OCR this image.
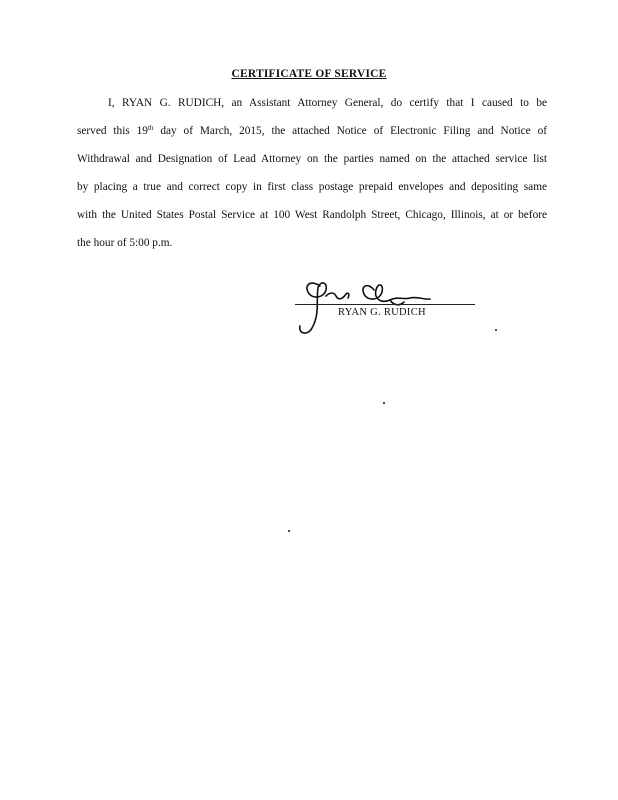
CERTIFICATE OF SERVICE
I, RYAN G. RUDICH, an Assistant Attorney General, do certify that I caused to be
served this 19th day of March, 2015, the attached Notice of Electronic Filing and Notice of
Withdrawal and Designation of Lead Attorney on the parties named on the attached service list
by placing a true and correct copy in first class postage prepaid envelopes and depositing same
with the United States Postal Service at 100 West Randolph Street, Chicago, Illinois, at or before
the hour of 5:00 p.m.
RYAN G. RUDICH
